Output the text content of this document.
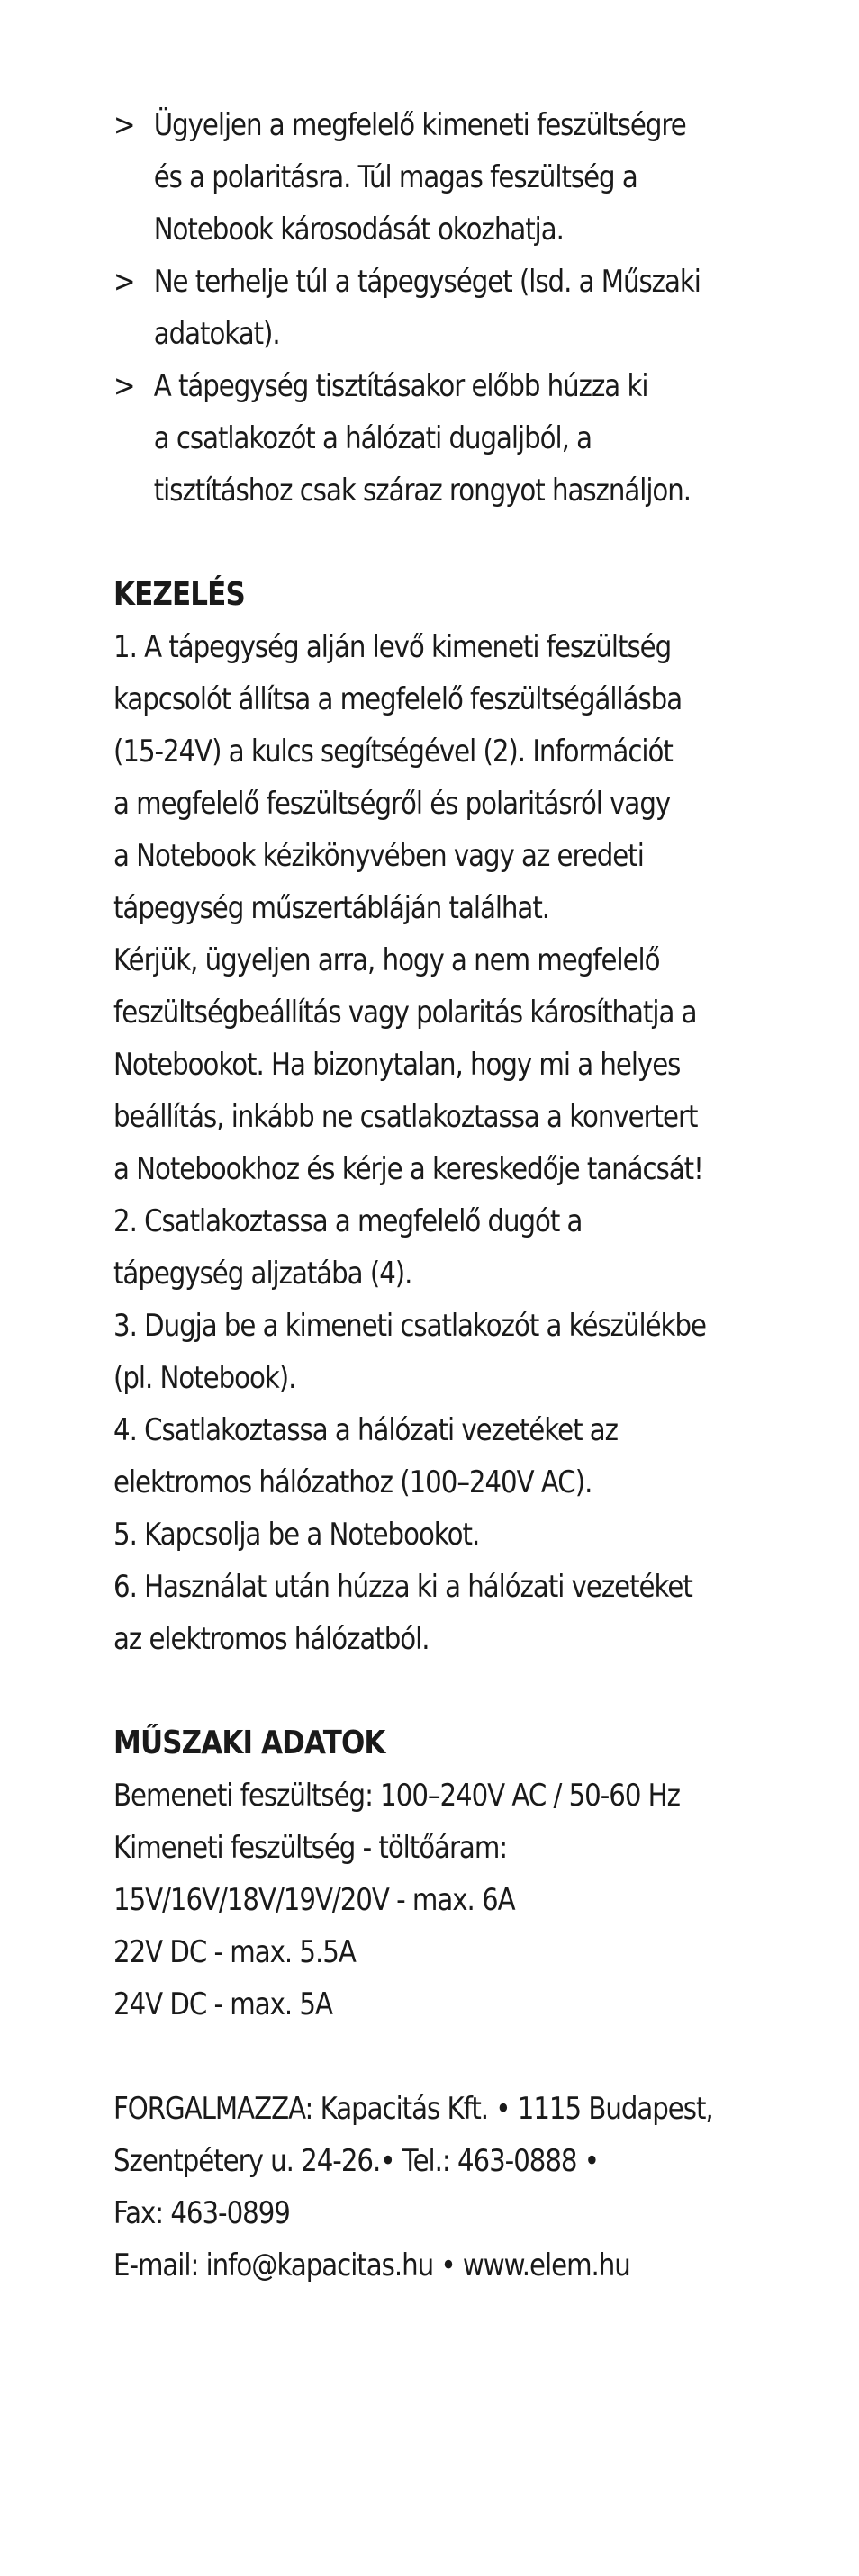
> Ügyeljen a megfelelő kimeneti feszültségre
és a polaritásra. Túl magas feszültség a
Notebook károsodását okozhatja.
> Ne terhelje túl a tápegységet (lsd. a Műszaki
adatokat).
> A tápegység tisztításakor előbb húzza ki
a csatlakozót a hálózati dugaljból, a
tisztításhoz csak száraz rongyot használjon.
KEZELÉS
1. A tápegység alján levő kimeneti feszültség
kapcsolót állítsa a megfelelő feszültségállásba
(15-24V) a kulcs segítségével (2). Információt
a megfelelő feszültségről és polaritásról vagy
a Notebook kézikönyvében vagy az eredeti
tápegység műszertábláján találhat.
Kérjük, ügyeljen arra, hogy a nem megfelelő
feszültségbeállítás vagy polaritás károsíthatja a
Notebookot. Ha bizonytalan, hogy mi a helyes
beállítás, inkább ne csatlakoztassa a konvertert
a Notebookhoz és kérje a kereskedője tanácsát!
2. Csatlakoztassa a megfelelő dugót a
tápegység aljzatába (4).
3. Dugja be a kimeneti csatlakozót a készülékbe
(pl. Notebook).
4. Csatlakoztassa a hálózati vezetéket az
elektromos hálózathoz (100–240V AC).
5. Kapcsolja be a Notebookot.
6. Használat után húzza ki a hálózati vezetéket
az elektromos hálózatból.
MŰSZAKI ADATOK
Bemeneti feszültség: 100–240V AC / 50-60 Hz
Kimeneti feszültség - töltőáram:
15V/16V/18V/19V/20V - max. 6A
22V DC - max. 5.5A
24V DC - max. 5A
FORGALMAZZA: Kapacitás Kft. • 1115 Budapest,
Szentpétery u. 24-26.• Tel.: 463-0888 •
Fax: 463-0899
E-mail: info@kapacitas.hu • www.elem.hu
